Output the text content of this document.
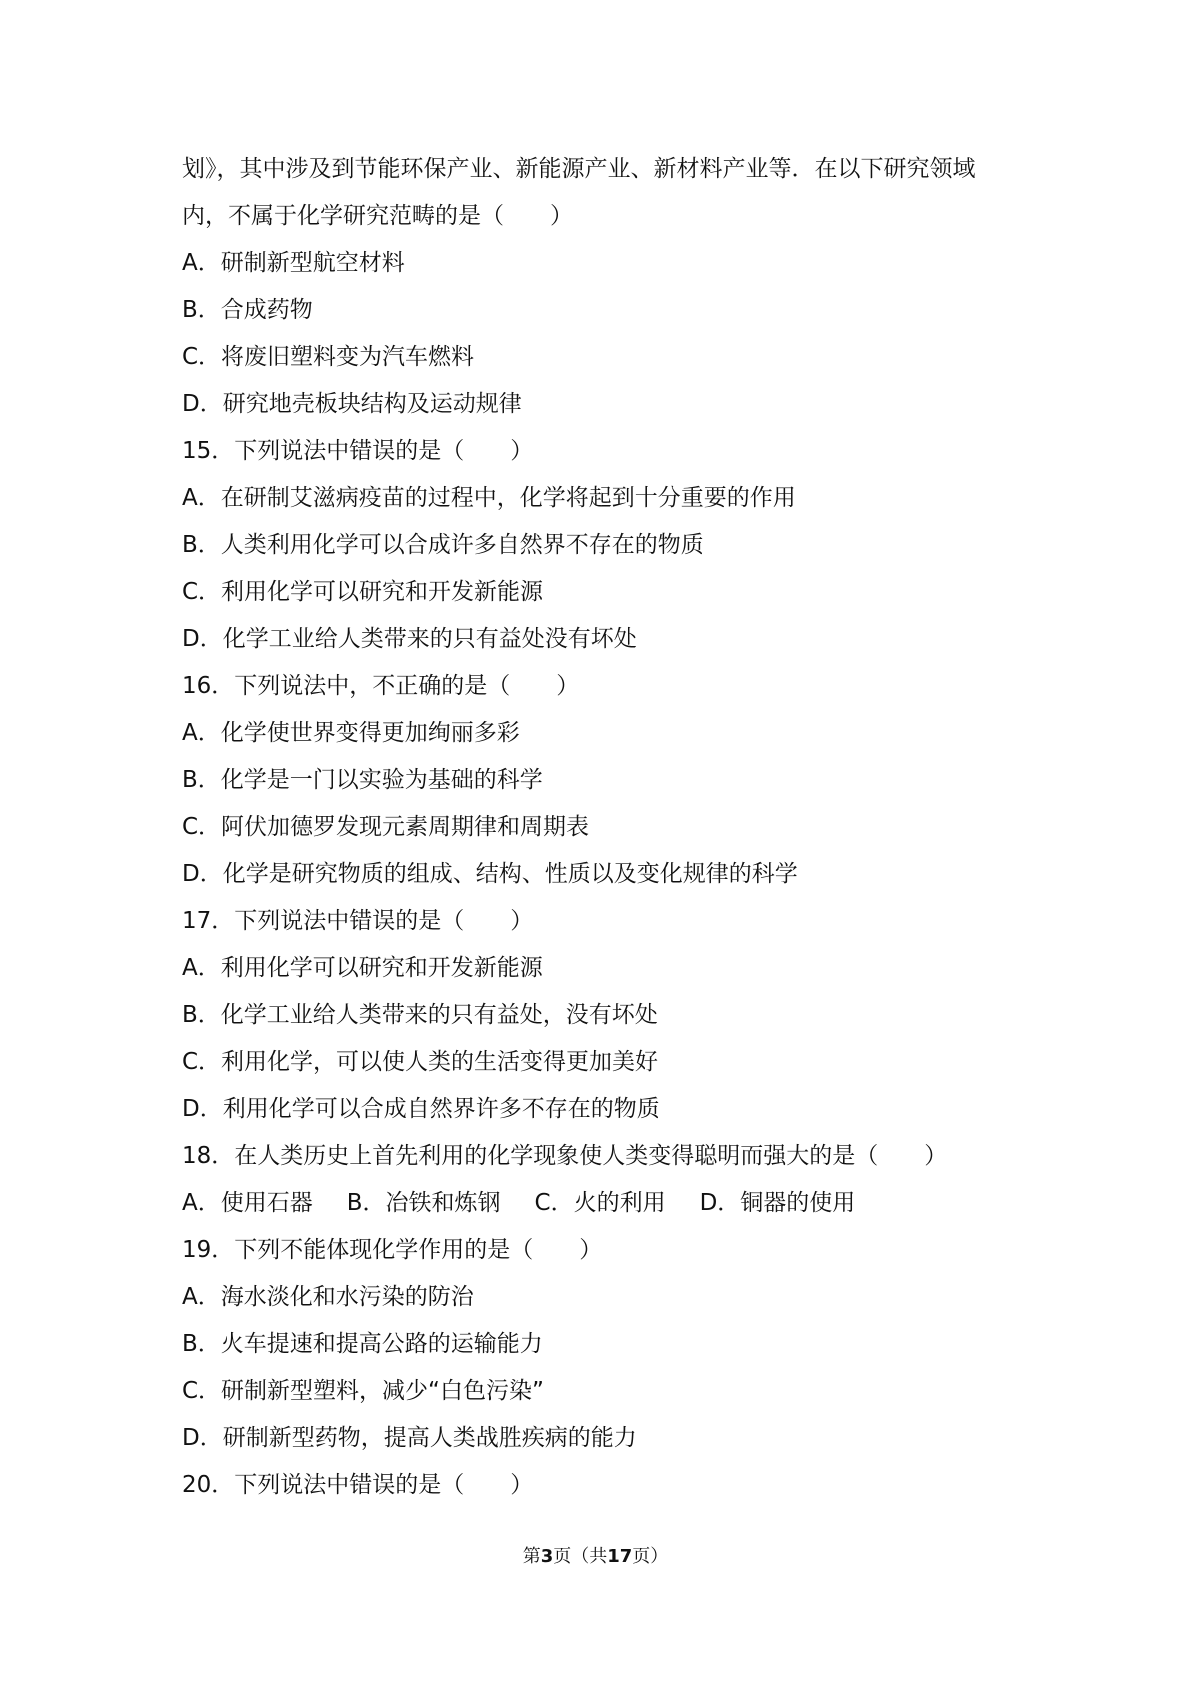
划》，其中涉及到节能环保产业、新能源产业、新材料产业等．在以下研究领域
内，不属于化学研究范畴的是（　　）
A．研制新型航空材料
B．合成药物
C．将废旧塑料变为汽车燃料
D．研究地壳板块结构及运动规律
15．下列说法中错误的是（　　）
A．在研制艾滋病疫苗的过程中，化学将起到十分重要的作用
B．人类利用化学可以合成许多自然界不存在的物质
C．利用化学可以研究和开发新能源
D．化学工业给人类带来的只有益处没有坏处
16．下列说法中，不正确的是（　　）
A．化学使世界变得更加绚丽多彩
B．化学是一门以实验为基础的科学
C．阿伏加德罗发现元素周期律和周期表
D．化学是研究物质的组成、结构、性质以及变化规律的科学
17．下列说法中错误的是（　　）
A．利用化学可以研究和开发新能源
B．化学工业给人类带来的只有益处，没有坏处
C．利用化学，可以使人类的生活变得更加美好
D．利用化学可以合成自然界许多不存在的物质
18．在人类历史上首先利用的化学现象使人类变得聪明而强大的是（　　）
A．使用石器 B．冶铁和炼钢 C．火的利用 D．铜器的使用
19．下列不能体现化学作用的是（　　）
A．海水淡化和水污染的防治
B．火车提速和提高公路的运输能力
C．研制新型塑料，减少“白色污染”
D．研制新型药物，提高人类战胜疾病的能力
20．下列说法中错误的是（　　）
第3页（共17页）
